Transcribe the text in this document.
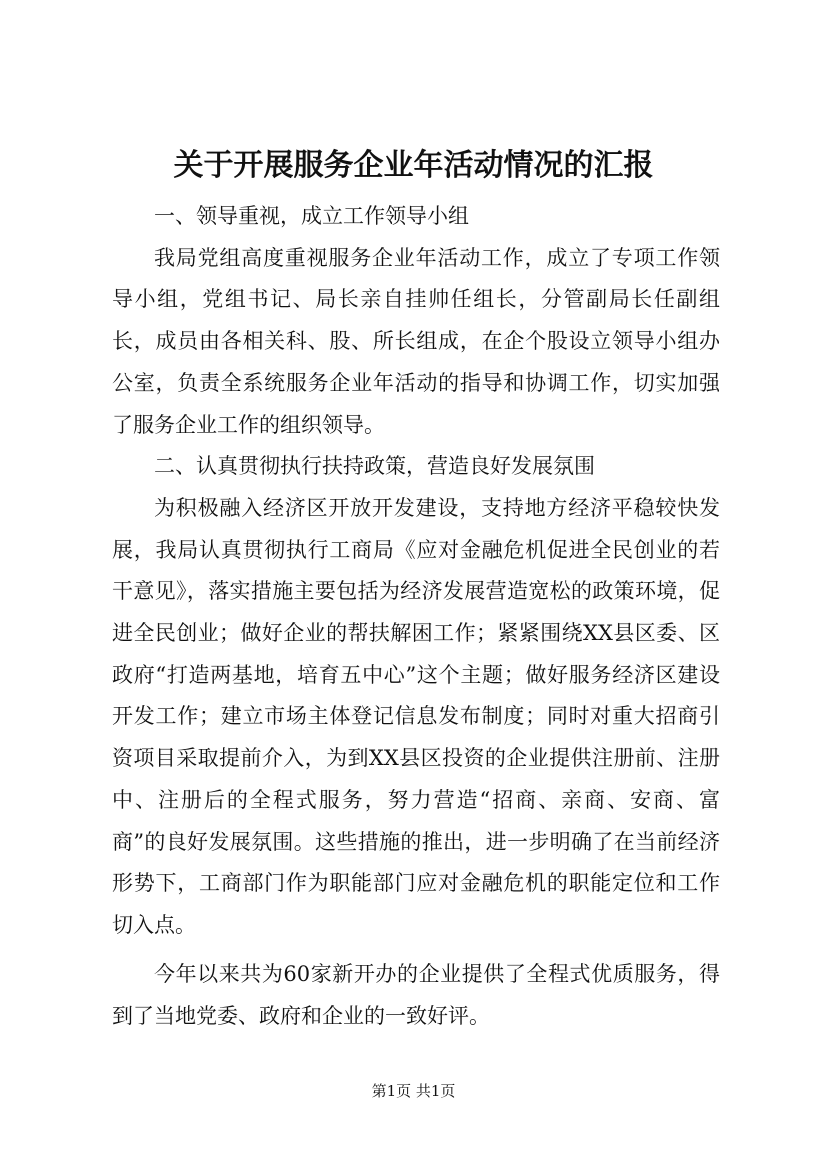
关于开展服务企业年活动情况的汇报

一、领导重视，成立工作领导小组

我局党组高度重视服务企业年活动工作，成立了专项工作领导小组，党组书记、局长亲自挂帅任组长，分管副局长任副组长，成员由各相关科、股、所长组成，在企个股设立领导小组办公室，负责全系统服务企业年活动的指导和协调工作，切实加强了服务企业工作的组织领导。

二、认真贯彻执行扶持政策，营造良好发展氛围

为积极融入经济区开放开发建设，支持地方经济平稳较快发展，我局认真贯彻执行工商局《应对金融危机促进全民创业的若干意见》，落实措施主要包括为经济发展营造宽松的政策环境，促进全民创业；做好企业的帮扶解困工作；紧紧围绕XX县区委、区政府“打造两基地，培育五中心”这个主题；做好服务经济区建设开发工作；建立市场主体登记信息发布制度；同时对重大招商引资项目采取提前介入，为到XX县区投资的企业提供注册前、注册中、注册后的全程式服务，努力营造“招商、亲商、安商、富商”的良好发展氛围。这些措施的推出，进一步明确了在当前经济形势下，工商部门作为职能部门应对金融危机的职能定位和工作切入点。

今年以来共为60家新开办的企业提供了全程式优质服务，得到了当地党委、政府和企业的一致好评。

第1页 共1页
